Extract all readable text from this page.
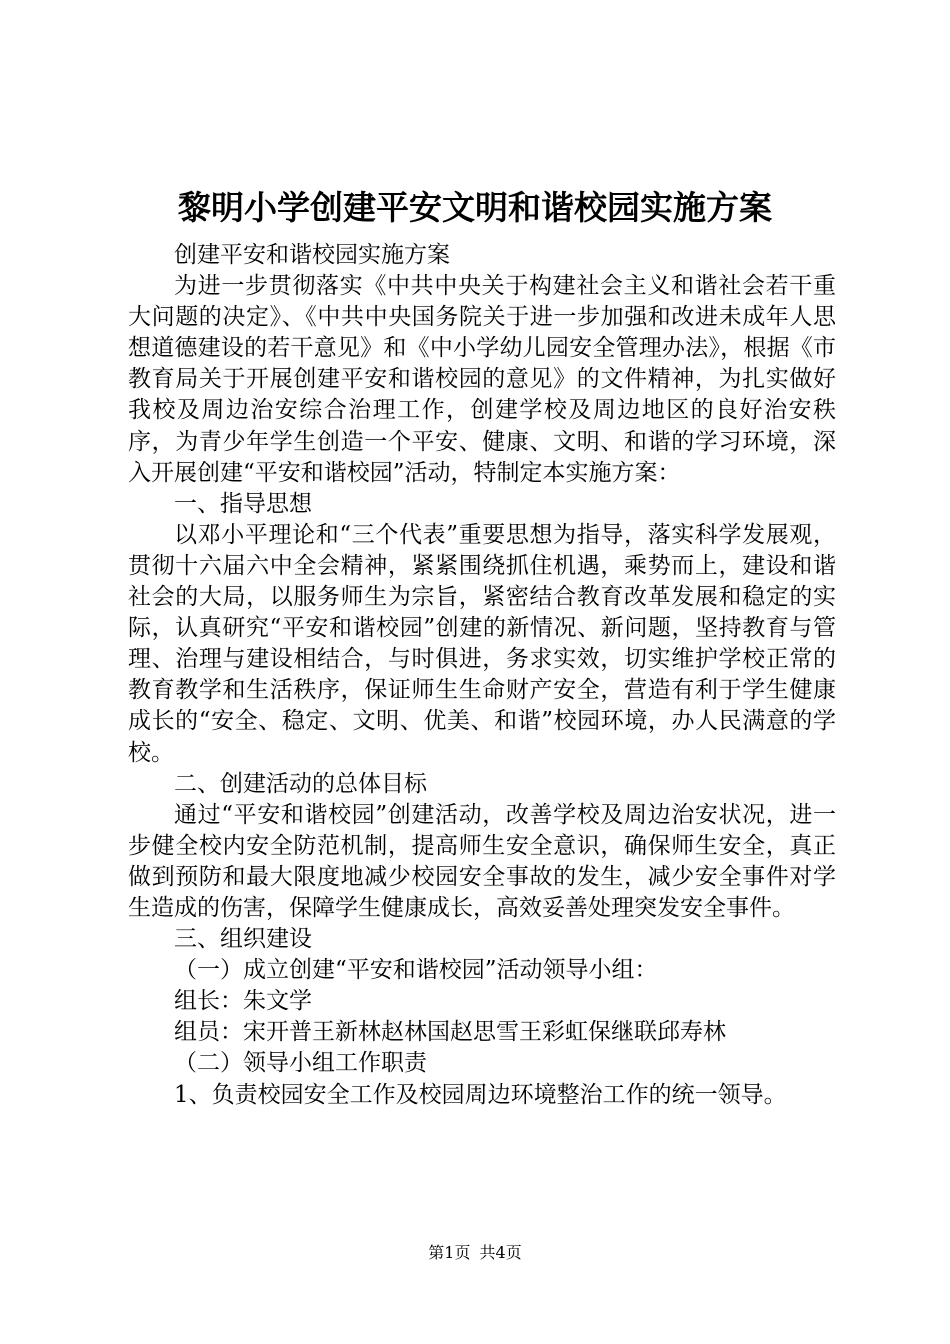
黎明小学创建平安文明和谐校园实施方案

创建平安和谐校园实施方案

为进一步贯彻落实《中共中央关于构建社会主义和谐社会若干重大问题的决定》、《中共中央国务院关于进一步加强和改进未成年人思想道德建设的若干意见》和《中小学幼儿园安全管理办法》，根据《市教育局关于开展创建平安和谐校园的意见》的文件精神，为扎实做好我校及周边治安综合治理工作，创建学校及周边地区的良好治安秩序，为青少年学生创造一个平安、健康、文明、和谐的学习环境，深入开展创建“平安和谐校园”活动，特制定本实施方案：

一、指导思想

以邓小平理论和“三个代表”重要思想为指导，落实科学发展观，贯彻十六届六中全会精神，紧紧围绕抓住机遇，乘势而上，建设和谐社会的大局，以服务师生为宗旨，紧密结合教育改革发展和稳定的实际，认真研究“平安和谐校园”创建的新情况、新问题，坚持教育与管理、治理与建设相结合，与时俱进，务求实效，切实维护学校正常的教育教学和生活秩序，保证师生生命财产安全，营造有利于学生健康成长的“安全、稳定、文明、优美、和谐”校园环境，办人民满意的学校。

二、创建活动的总体目标

通过“平安和谐校园”创建活动，改善学校及周边治安状况，进一步健全校内安全防范机制，提高师生安全意识，确保师生安全，真正做到预防和最大限度地减少校园安全事故的发生，减少安全事件对学生造成的伤害，保障学生健康成长，高效妥善处理突发安全事件。

三、组织建设

（一）成立创建“平安和谐校园”活动领导小组：

组长：朱文学

组员：宋开普王新林赵林国赵思雪王彩虹保继联邱寿林

（二）领导小组工作职责

1、负责校园安全工作及校园周边环境整治工作的统一领导。

第1页 共4页
